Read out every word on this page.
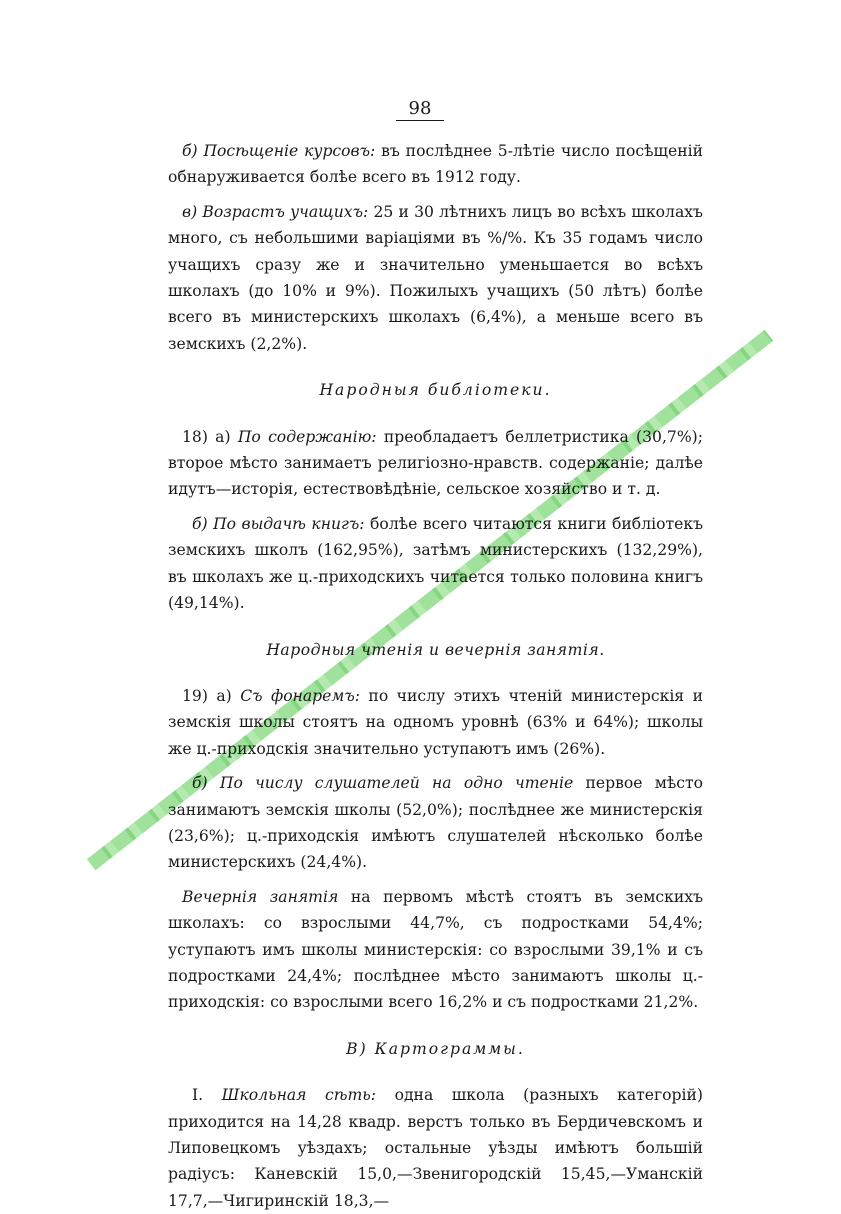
98

б) Посѣщеніе курсовъ: въ послѣднее 5-лѣтіе число посѣщеній обнаруживается болѣе всего въ 1912 году.

в) Возрастъ учащихъ: 25 и 30 лѣтнихъ лицъ во всѣхъ школахъ много, съ небольшими варіаціями въ %/%. Къ 35 годамъ число учащихъ сразу же и значительно уменьшается во всѣхъ школахъ (до 10% и 9%). Пожилыхъ учащихъ (50 лѣтъ) болѣе всего въ министерскихъ школахъ (6,4%), а меньше всего въ земскихъ (2,2%).

Народныя библіотеки.

18) а) По содержанію: преобладаетъ беллетристика (30,7%); второе мѣсто занимаетъ религіозно-нравств. содержаніе; далѣе идутъ—исторія, естествовѣдѣніе, сельское хозяйство и т. д.

б) По выдачѣ книгъ: болѣе всего читаются книги библіотекъ земскихъ школъ (162,95%), затѣмъ министерскихъ (132,29%), въ школахъ же ц.-приходскихъ читается только половина книгъ (49,14%).

Народныя чтенія и вечернія занятія.

19) а) Съ фонаремъ: по числу этихъ чтеній министерскія и земскія школы стоятъ на одномъ уровнѣ (63% и 64%); школы же ц.-приходскія значительно уступаютъ имъ (26%).

б) По числу слушателей на одно чтеніе первое мѣсто занимаютъ земскія школы (52,0%); послѣднее же министерскія (23,6%); ц.-приходскія имѣютъ слушателей нѣсколько болѣе министерскихъ (24,4%).

Вечернія занятія на первомъ мѣстѣ стоятъ въ земскихъ школахъ: со взрослыми 44,7%, съ подростками 54,4%; уступаютъ имъ школы министерскія: со взрослыми 39,1% и съ подростками 24,4%; послѣднее мѣсто занимаютъ школы ц.-приходскія: со взрослыми всего 16,2% и съ подростками 21,2%.

В) Картограммы.

I. Школьная сѣть: одна школа (разныхъ категорій) приходится на 14,28 квадр. верстъ только въ Бердичевскомъ и Липовецкомъ уѣздахъ; остальные уѣзды имѣютъ большій радіусъ: Каневскій 15,0,—Звенигородскій 15,45,—Уманскій 17,7,—Чигиринскій 18,3,—
